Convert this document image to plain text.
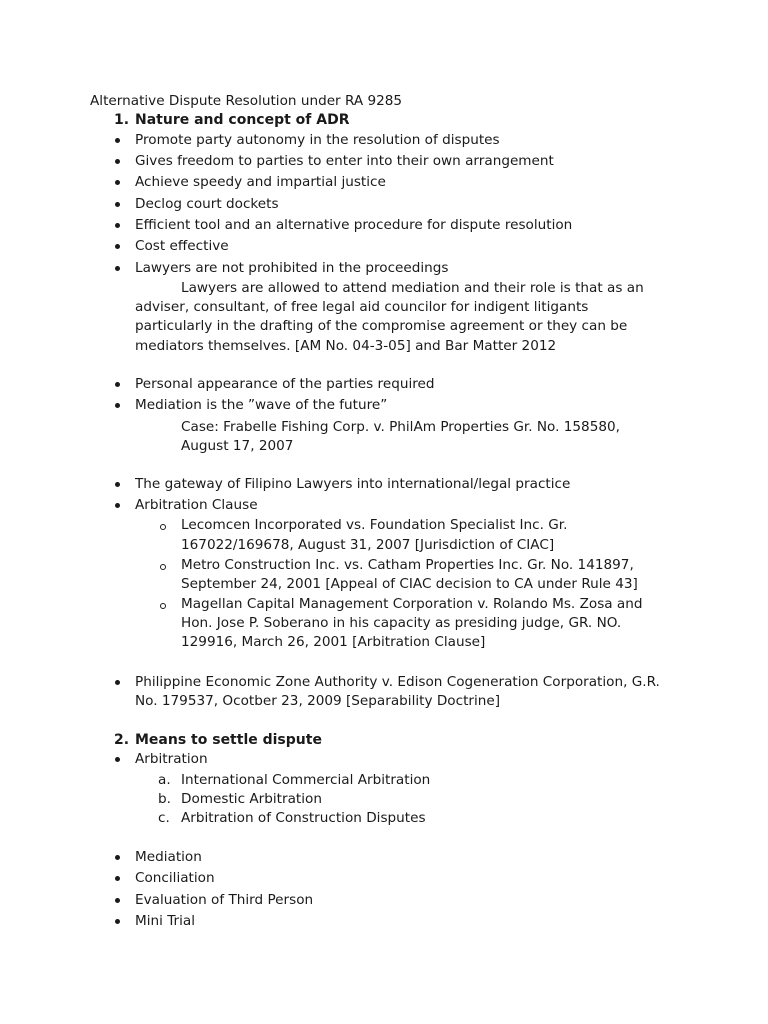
Alternative Dispute Resolution under RA 9285
1. Nature and concept of ADR
Promote party autonomy in the resolution of disputes
Gives freedom to parties to enter into their own arrangement
Achieve speedy and impartial justice
Declog court dockets
Efficient tool and an alternative procedure for dispute resolution
Cost effective
Lawyers are not prohibited in the proceedings
Lawyers are allowed to attend mediation and their role is that as an
adviser, consultant, of free legal aid councilor for indigent litigants
particularly in the drafting of the compromise agreement or they can be
mediators themselves. [AM No. 04-3-05] and Bar Matter 2012
Personal appearance of the parties required
Mediation is the ”wave of the future”
Case: Frabelle Fishing Corp. v. PhilAm Properties Gr. No. 158580,
August 17, 2007
The gateway of Filipino Lawyers into international/legal practice
Arbitration Clause
Lecomcen Incorporated vs. Foundation Specialist Inc. Gr.
167022/169678, August 31, 2007 [Jurisdiction of CIAC]
Metro Construction Inc. vs. Catham Properties Inc. Gr. No. 141897,
September 24, 2001 [Appeal of CIAC decision to CA under Rule 43]
Magellan Capital Management Corporation v. Rolando Ms. Zosa and
Hon. Jose P. Soberano in his capacity as presiding judge, GR. NO.
129916, March 26, 2001 [Arbitration Clause]
Philippine Economic Zone Authority v. Edison Cogeneration Corporation, G.R.
No. 179537, Ocotber 23, 2009 [Separability Doctrine]
2. Means to settle dispute
Arbitration
a. International Commercial Arbitration
b. Domestic Arbitration
c. Arbitration of Construction Disputes
Mediation
Conciliation
Evaluation of Third Person
Mini Trial
